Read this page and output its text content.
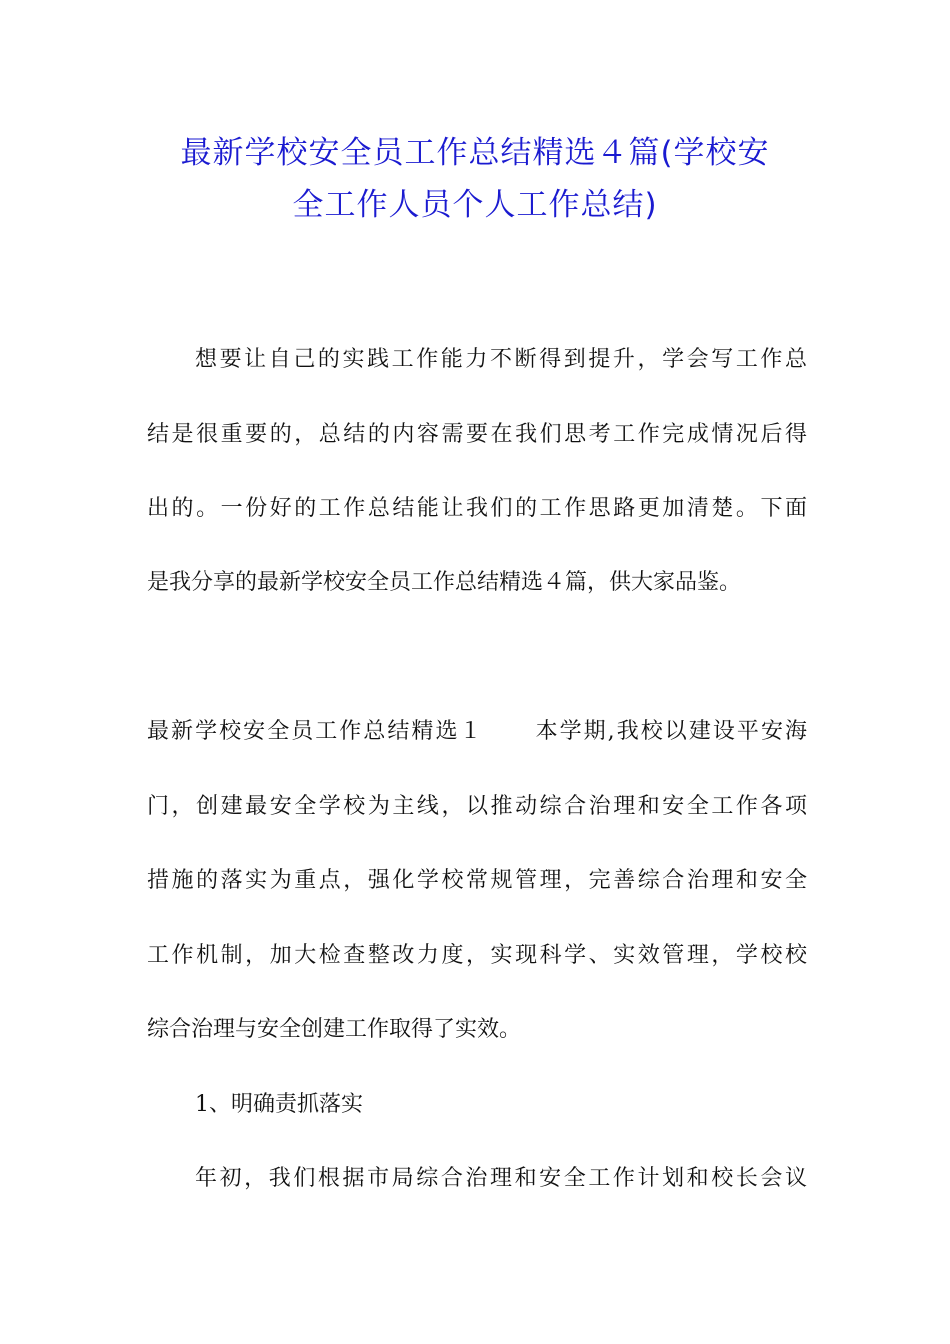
最新学校安全员工作总结精选４篇(学校安
全工作人员个人工作总结)
想要让自己的实践工作能力不断得到提升，学会写工作总
结是很重要的，总结的内容需要在我们思考工作完成情况后得
出的。一份好的工作总结能让我们的工作思路更加清楚。下面
是我分享的最新学校安全员工作总结精选４篇，供大家品鉴。
最新学校安全员工作总结精选１ 本学期,我校以建设平安海
门，创建最安全学校为主线，以推动综合治理和安全工作各项
措施的落实为重点，强化学校常规管理，完善综合治理和安全
工作机制，加大检查整改力度，实现科学、实效管理，学校校
综合治理与安全创建工作取得了实效。
1、明确责抓落实
年初，我们根据市局综合治理和安全工作计划和校长会议
